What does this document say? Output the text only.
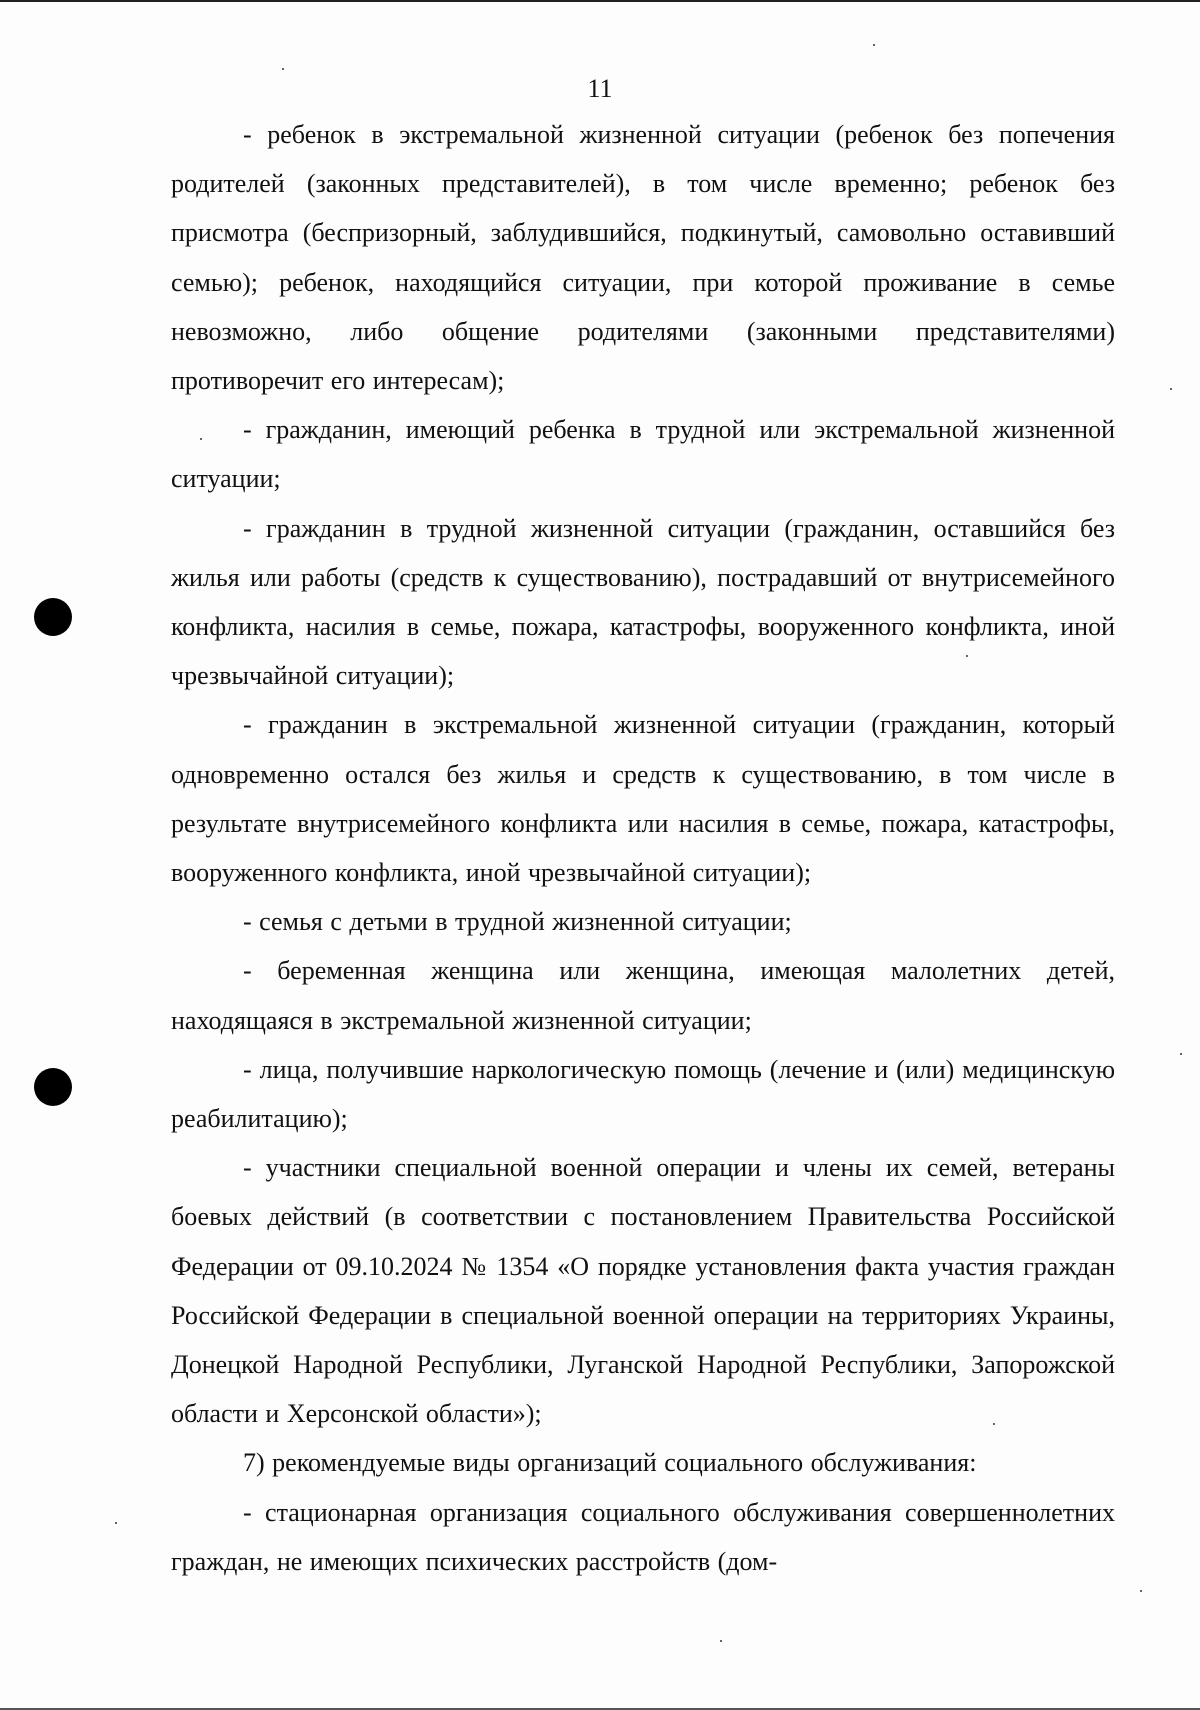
11

- ребенок в экстремальной жизненной ситуации (ребенок без попечения родителей (законных представителей), в том числе временно; ребенок без присмотра (беспризорный, заблудившийся, подкинутый, самовольно оставивший семью); ребенок, находящийся ситуации, при которой проживание в семье невозможно, либо общение родителями (законными представителями) противоречит его интересам);

- гражданин, имеющий ребенка в трудной или экстремальной жизненной ситуации;

- гражданин в трудной жизненной ситуации (гражданин, оставшийся без жилья или работы (средств к существованию), пострадавший от внутрисемейного конфликта, насилия в семье, пожара, катастрофы, вооруженного конфликта, иной чрезвычайной ситуации);

- гражданин в экстремальной жизненной ситуации (гражданин, который одновременно остался без жилья и средств к существованию, в том числе в результате внутрисемейного конфликта или насилия в семье, пожара, катастрофы, вооруженного конфликта, иной чрезвычайной ситуации);

- семья с детьми в трудной жизненной ситуации;

- беременная женщина или женщина, имеющая малолетних детей, находящаяся в экстремальной жизненной ситуации;

- лица, получившие наркологическую помощь (лечение и (или) медицинскую реабилитацию);

- участники специальной военной операции и члены их семей, ветераны боевых действий (в соответствии с постановлением Правительства Российской Федерации от 09.10.2024 № 1354 «О порядке установления факта участия граждан Российской Федерации в специальной военной операции на территориях Украины, Донецкой Народной Республики, Луганской Народной Республики, Запорожской области и Херсонской области»);

7) рекомендуемые виды организаций социального обслуживания:

- стационарная организация социального обслуживания совершеннолетних граждан, не имеющих психических расстройств (дом-
